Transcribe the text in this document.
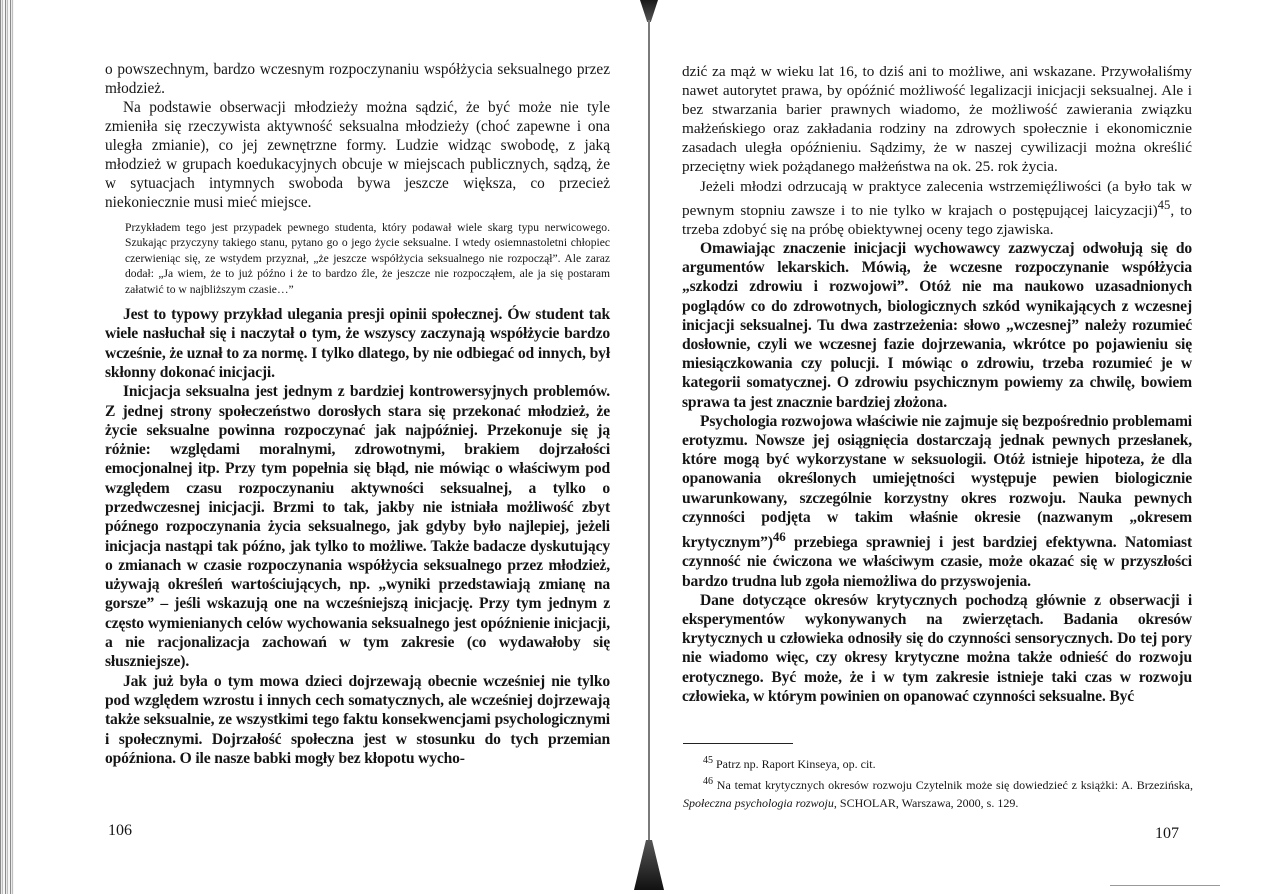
o powszechnym, bardzo wczesnym rozpoczynaniu współżycia seksualnego przez młodzież.

Na podstawie obserwacji młodzieży można sądzić, że być może nie tyle zmieniła się rzeczywista aktywność seksualna młodzieży (choć zapewne i ona uległa zmianie), co jej zewnętrzne formy. Ludzie widząc swobodę, z jaką młodzież w grupach koedukacyjnych obcuje w miejscach publicznych, sądzą, że w sytuacjach intymnych swoboda bywa jeszcze większa, co przecież niekoniecznie musi mieć miejsce.

Przykładem tego jest przypadek pewnego studenta, który podawał wiele skarg typu nerwicowego. Szukając przyczyny takiego stanu, pytano go o jego życie seksualne. I wtedy osiemnastoletni chłopiec czerwieniąc się, ze wstydem przyznał, „że jeszcze współżycia seksualnego nie rozpoczął”. Ale zaraz dodał: „Ja wiem, że to już późno i że to bardzo źle, że jeszcze nie rozpocząłem, ale ja się postaram załatwić to w najbliższym czasie…”

Jest to typowy przykład ulegania presji opinii społecznej. Ów student tak wiele nasłuchał się i naczytał o tym, że wszyscy zaczynają współżycie bardzo wcześnie, że uznał to za normę. I tylko dlatego, by nie odbiegać od innych, był skłonny dokonać inicjacji.

Inicjacja seksualna jest jednym z bardziej kontrowersyjnych problemów. Z jednej strony społeczeństwo dorosłych stara się przekonać młodzież, że życie seksualne powinna rozpoczynać jak najpóźniej. Przekonuje się ją różnie: względami moralnymi, zdrowotnymi, brakiem dojrzałości emocjonalnej itp. Przy tym popełnia się błąd, nie mówiąc o właściwym pod względem czasu rozpoczynaniu aktywności seksualnej, a tylko o przedwczesnej inicjacji. Brzmi to tak, jakby nie istniała możliwość zbyt późnego rozpoczynania życia seksualnego, jak gdyby było najlepiej, jeżeli inicjacja nastąpi tak późno, jak tylko to możliwe. Także badacze dyskutujący o zmianach w czasie rozpoczynania współżycia seksualnego przez młodzież, używają określeń wartościujących, np. „wyniki przedstawiają zmianę na gorsze” – jeśli wskazują one na wcześniejszą inicjację. Przy tym jednym z często wymienianych celów wychowania seksualnego jest opóźnienie inicjacji, a nie racjonalizacja zachowań w tym zakresie (co wydawałoby się słuszniejsze).

Jak już była o tym mowa dzieci dojrzewają obecnie wcześniej nie tylko pod względem wzrostu i innych cech somatycznych, ale wcześniej dojrzewają także seksualnie, ze wszystkimi tego faktu konsekwencjami psychologicznymi i społecznymi. Dojrzałość społeczna jest w stosunku do tych przemian opóźniona. O ile nasze babki mogły bez kłopotu wycho-

106

dzić za mąż w wieku lat 16, to dziś ani to możliwe, ani wskazane. Przywołaliśmy nawet autorytet prawa, by opóźnić możliwość legalizacji inicjacji seksualnej. Ale i bez stwarzania barier prawnych wiadomo, że możliwość zawierania związku małżeńskiego oraz zakładania rodziny na zdrowych społecznie i ekonomicznie zasadach uległa opóźnieniu. Sądzimy, że w naszej cywilizacji można określić przeciętny wiek pożądanego małżeństwa na ok. 25. rok życia.

Jeżeli młodzi odrzucają w praktyce zalecenia wstrzemięźliwości (a było tak w pewnym stopniu zawsze i to nie tylko w krajach o postępującej laicyzacji)$^{45}$, to trzeba zdobyć się na próbę obiektywnej oceny tego zjawiska.

Omawiając znaczenie inicjacji wychowawcy zazwyczaj odwołują się do argumentów lekarskich. Mówią, że wczesne rozpoczynanie współżycia „szkodzi zdrowiu i rozwojowi”. Otóż nie ma naukowo uzasadnionych poglądów co do zdrowotnych, biologicznych szkód wynikających z wczesnej inicjacji seksualnej. Tu dwa zastrzeżenia: słowo „wczesnej” należy rozumieć dosłownie, czyli we wczesnej fazie dojrzewania, wkrótce po pojawieniu się miesiączkowania czy polucji. I mówiąc o zdrowiu, trzeba rozumieć je w kategorii somatycznej. O zdrowiu psychicznym powiemy za chwilę, bowiem sprawa ta jest znacznie bardziej złożona.

Psychologia rozwojowa właściwie nie zajmuje się bezpośrednio problemami erotyzmu. Nowsze jej osiągnięcia dostarczają jednak pewnych przesłanek, które mogą być wykorzystane w seksuologii. Otóż istnieje hipoteza, że dla opanowania określonych umiejętności występuje pewien biologicznie uwarunkowany, szczególnie korzystny okres rozwoju. Nauka pewnych czynności podjęta w takim właśnie okresie (nazwanym „okresem krytycznym”)$^{46}$ przebiega sprawniej i jest bardziej efektywna. Natomiast czynność nie ćwiczona we właściwym czasie, może okazać się w przyszłości bardzo trudna lub zgoła niemożliwa do przyswojenia.

Dane dotyczące okresów krytycznych pochodzą głównie z obserwacji i eksperymentów wykonywanych na zwierzętach. Badania okresów krytycznych u człowieka odnosiły się do czynności sensorycznych. Do tej pory nie wiadomo więc, czy okresy krytyczne można także odnieść do rozwoju erotycznego. Być może, że i w tym zakresie istnieje taki czas w rozwoju człowieka, w którym powinien on opanować czynności seksualne. Być

$^{45}$ Patrz np. Raport Kinseya, op. cit.

$^{46}$ Na temat krytycznych okresów rozwoju Czytelnik może się dowiedzieć z książki: A. Brzezińska, Społeczna psychologia rozwoju, SCHOLAR, Warszawa, 2000, s. 129.

107
